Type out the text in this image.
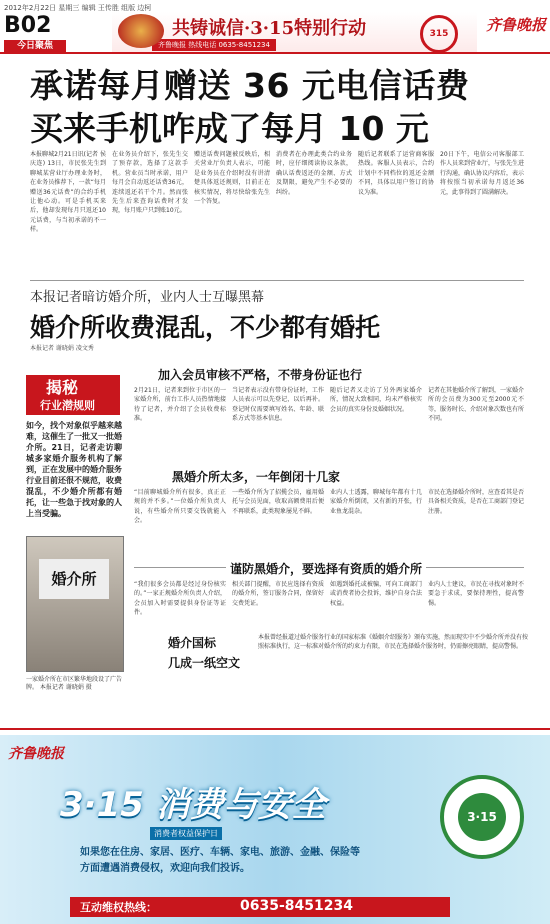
2012年2月22日 星期三 编辑 王传胜 组版 边柯
B02
今日聚焦
共铸诚信·3·15特别行动
齐鲁晚报 热线电话 0635-8451234
315	齐鲁晚报
承诺每月赠送 36 元电信话费
买来手机咋成了每月 10 元
本报聊城2月21日讯(记者 侯庆连) 13日，市民张先生到聊城某营业厅办理业务时，在业务员推荐下，一款“每月赠送36元话费”的合约手机让他心动。可是手机买来后，他却发现每月只返还10元话费，与当初承诺的不一样。
在业务员介绍下，张先生交了预存款，选择了这款手机。营业员当时承诺，用户每月会自动返还话费36元，连续返还若干个月。然而张先生后来查询话费时才发现，每月账户只到账10元。
赠送话费问题被反映后，相关营业厅负责人表示，可能是业务员在介绍时没有讲清楚具体返还规则，目前正在核实情况，将尽快给张先生一个答复。
消费者在办理此类合约业务时，应仔细阅读协议条款，确认话费返还的金额、方式及期限，避免产生不必要的纠纷。
随后记者联系了运营商客服热线。客服人员表示，合约计划中不同档位的返还金额不同，具体以用户签订的协议为准。
20日下午，电信公司客服部工作人员来到营业厅，与张先生进行沟通，确认协议内容后，表示将按照当初承诺每月返还36元，此事得到了圆满解决。
本报记者暗访婚介所，业内人士互曝黑幕
婚介所收费混乱，不少都有婚托
本报记者 谢晓娟 凌文秀
揭秘
行业潜规则
如今，找个对象似乎越来越难，这催生了一批又一批婚介所。21日，记者走访聊城多家婚介服务机构了解到，正在发展中的婚介服务行业目前还很不规范，收费混乱，不少婚介所都有婚托，让一些急于找对象的人上当受骗。
加入会员审核不严格，不带身份证也行
2月21日，记者来到位于市区的一家婚介所，前台工作人员热情地接待了记者，并介绍了会员收费标准。
当记者表示没有带身份证时，工作人员表示可以先登记，以后再补。登记时仅需要填写姓名、年龄、联系方式等基本信息。
随后记者又走访了另外两家婚介所，情况大致相同，均未严格核实会员的真实身份及婚姻状况。
记者在其他婚介所了解到，一家婚介所的会员费为300元至2000元不等，服务时长、介绍对象次数也有所不同。
黑婚介所太多，一年倒闭十几家
“目前聊城婚介所有很多，真正正规的并不多。”一位婚介所负责人说，有些婚介所只要交钱就能入会。
一些婚介所为了招揽会员，雇用婚托与会员见面，收取高额费用后便不再联系，此类现象屡见不鲜。
业内人士透露，聊城每年都有十几家婚介所倒闭，又有新的开张，行业鱼龙混杂。
市民在选择婚介所时，应查看其是否具备相关资质，是否在工商部门登记注册。
谨防黑婚介，要选择有资质的婚介所
“我们很多会员都是经过身份核实的。”一家正规婚介所负责人介绍，会员加入时需要提供身份证等证件。
相关部门提醒，市民应选择有资质的婚介所，签订服务合同，保留好交费凭证。
如遇到婚托或被骗，可向工商部门或消费者协会投诉，维护自身合法权益。
业内人士建议，市民在寻找对象时不要急于求成，要保持理性，提高警惕。
婚介所
一家婚介所在市区繁华地段设了广告牌。 本报记者 谢晓娟 摄
婚介国标
几成一纸空文
本报曾经报道过婚介服务行业的国家标准《婚姻介绍服务》颁布实施，然而现实中不少婚介所并没有按照标准执行，这一标准对婚介所的约束力有限，市民在选择婚介服务时，仍需擦亮眼睛，提高警惕。
齐鲁晚报
3·15 消费与安全
消费者权益保护日
如果您在住房、家居、医疗、车辆、家电、旅游、金融、保险等
方面遭遇消费侵权，欢迎向我们投诉。
3·15
互动维权热线：	0635-8451234
